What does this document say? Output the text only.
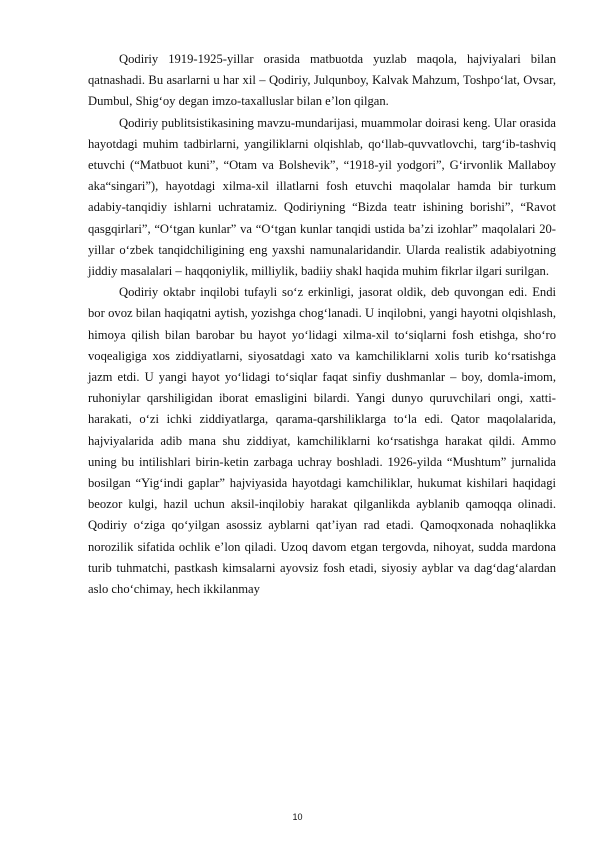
Qodiriy 1919-1925-yillar orasida matbuotda yuzlab maqola, hajviyalari bilan qatnashadi. Bu asarlarni u har xil – Qodiriy, Julqunboy, Kalvak Mahzum, Toshpo‘lat, Ovsar, Dumbul, Shig‘oy degan imzo-taxalluslar bilan e’lon qilgan.

Qodiriy publitsistikasining mavzu-mundarijasi, muammolar doirasi keng. Ular orasida hayotdagi muhim tadbirlarni, yangiliklarni olqishlab, qo‘llab-quvvatlovchi, targ‘ib-tashviq etuvchi (“Matbuot kuni”, “Otam va Bolshevik”, “1918-yil yodgori”, G‘irvonlik Mallaboy aka“singari”), hayotdagi xilma-xil illatlarni fosh etuvchi maqolalar hamda bir turkum adabiy-tanqidiy ishlarni uchratamiz. Qodiriyning “Bizda teatr ishining borishi”, “Ravot qasgqirlari”, “O‘tgan kunlar” va “O‘tgan kunlar tanqidi ustida ba’zi izohlar” maqolalari 20-yillar o‘zbek tanqidchiligining eng yaxshi namunalaridandir. Ularda realistik adabiyotning jiddiy masalalari – haqqoniylik, milliylik, badiiy shakl haqida muhim fikrlar ilgari surilgan.

Qodiriy oktabr inqilobi tufayli so‘z erkinligi, jasorat oldik, deb quvongan edi. Endi bor ovoz bilan haqiqatni aytish, yozishga chog‘lanadi. U inqilobni, yangi hayotni olqishlash, himoya qilish bilan barobar bu hayot yo‘lidagi xilma-xil to‘siqlarni fosh etishga, sho‘ro voqealigiga xos ziddiyatlarni, siyosatdagi xato va kamchiliklarni xolis turib ko‘rsatishga jazm etdi. U yangi hayot yo‘lidagi to‘siqlar faqat sinfiy dushmanlar – boy, domla-imom, ruhoniylar qarshiligidan iborat emasligini bilardi. Yangi dunyo quruvchilari ongi, xatti-harakati, o‘zi ichki ziddiyatlarga, qarama-qarshiliklarga to‘la edi. Qator maqolalarida, hajviyalarida adib mana shu ziddiyat, kamchiliklarni ko‘rsatishga harakat qildi. Ammo uning bu intilishlari birin-ketin zarbaga uchray boshladi. 1926-yilda “Mushtum” jurnalida bosilgan “Yig‘indi gaplar” hajviyasida hayotdagi kamchiliklar, hukumat kishilari haqidagi beozor kulgi, hazil uchun aksil-inqilobiy harakat qilganlikda ayblanib qamoqqa olinadi. Qodiriy o‘ziga qo‘yilgan asossiz ayblarni qat’iyan rad etadi. Qamoqxonada nohaqlikka norozilik sifatida ochlik e’lon qiladi. Uzoq davom etgan tergovda, nihoyat, sudda mardona turib tuhmatchi, pastkash kimsalarni ayovsiz fosh etadi, siyosiy ayblar va dag‘dag‘alardan aslo cho‘chimay, hech ikkilanmay

10
